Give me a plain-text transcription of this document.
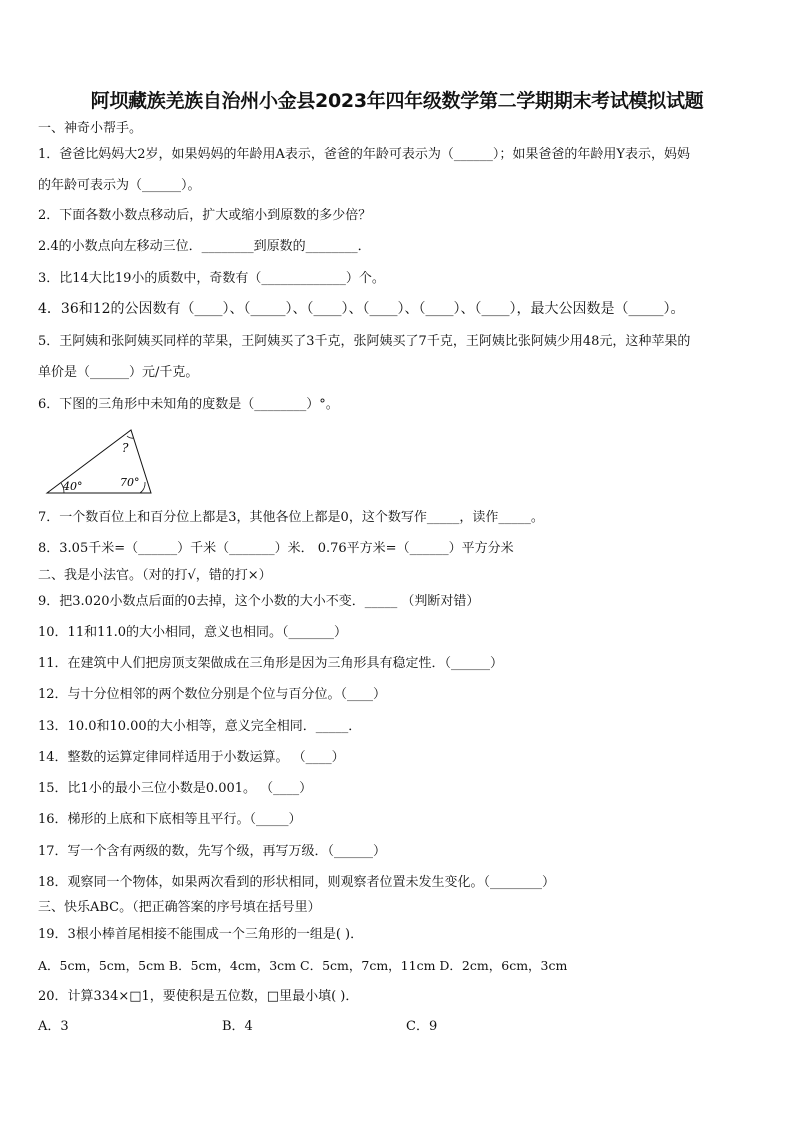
阿坝藏族羌族自治州小金县2023年四年级数学第二学期期末考试模拟试题

一、神奇小帮手。

1．爸爸比妈妈大2岁，如果妈妈的年龄用A表示，爸爸的年龄可表示为（______）；如果爸爸的年龄用Y表示，妈妈

的年龄可表示为（______）。

2．下面各数小数点移动后，扩大或缩小到原数的多少倍？

2.4的小数点向左移动三位．________到原数的________．

3．比14大比19小的质数中，奇数有（_____________）个。

4．36和12的公因数有（____）、（_____）、（____）、（____）、（____）、（____），最大公因数是（_____）。

5．王阿姨和张阿姨买同样的苹果，王阿姨买了3千克，张阿姨买了7千克，王阿姨比张阿姨少用48元，这种苹果的

单价是（______）元/千克。

6．下图的三角形中未知角的度数是（________）°。

40°	70°
?

7．一个数百位上和百分位上都是3，其他各位上都是0，这个数写作_____，读作_____。

8．3.05千米=（______）千米（_______）米． 0.76平方米=（______）平方分米

二、我是小法官。（对的打√，错的打×）

9．把3.020小数点后面的0去掉，这个小数的大小不变．_____ （判断对错）

10．11和11.0的大小相同，意义也相同。（_______）

11．在建筑中人们把房顶支架做成在三角形是因为三角形具有稳定性．（______）

12．与十分位相邻的两个数位分别是个位与百分位。（____）

13．10.0和10.00的大小相等，意义完全相同．_____．

14．整数的运算定律同样适用于小数运算。 （____）

15．比1小的最小三位小数是0.001。 （____）

16．梯形的上底和下底相等且平行。（_____）

17．写一个含有两级的数，先写个级，再写万级．（______）

18．观察同一个物体，如果两次看到的形状相同，则观察者位置未发生变化。（________）

三、快乐ABC。（把正确答案的序号填在括号里）

19．3根小棒首尾相接不能围成一个三角形的一组是( )．

A．5cm，5cm，5cm B．5cm，4cm，3cm C．5cm，7cm，11cm D．2cm，6cm，3cm

20．计算334×□1，要使积是五位数，□里最小填( )．

A．3	B．4	C．9
